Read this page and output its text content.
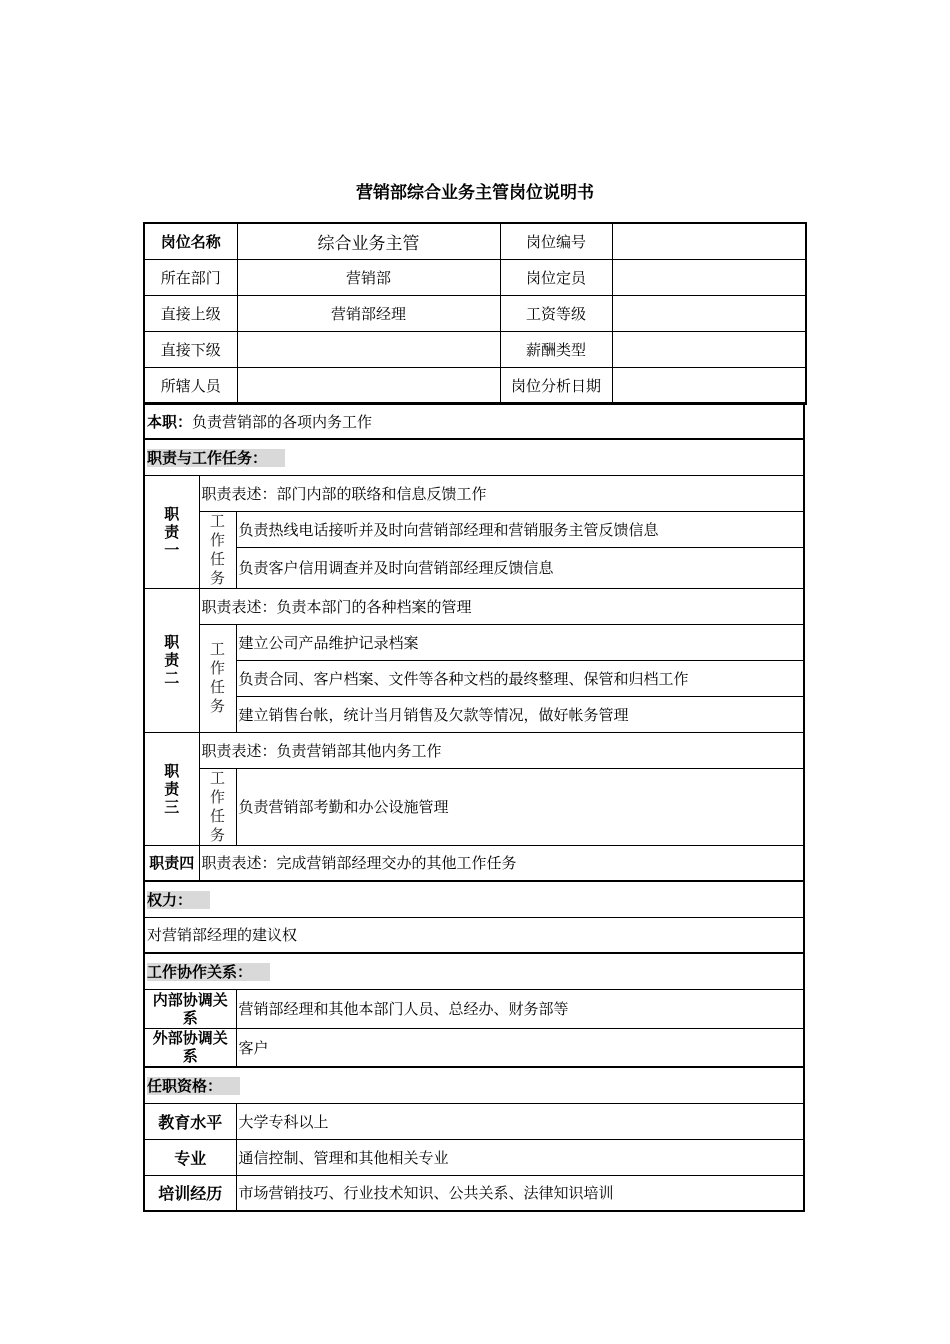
营销部综合业务主管岗位说明书
岗位名称	综合业务主管	岗位编号	
所在部门	营销部	岗位定员	
直接上级	营销部经理	工资等级	
直接下级		薪酬类型	
所辖人员		岗位分析日期	
本职：负责营销部的各项内务工作		
职责与工作任务：		
职责一	职责表述：部门内部的联络和信息反馈工作	
	工作任务	负责热线电话接听并及时向营销部经理和营销服务主管反馈信息
		负责客户信用调查并及时向营销部经理反馈信息
职责二	职责表述：负责本部门的各种档案的管理	
	工作任务	建立公司产品维护记录档案
		负责合同、客户档案、文件等各种文档的最终整理、保管和归档工作
		建立销售台帐，统计当月销售及欠款等情况，做好帐务管理
职责三	职责表述：负责营销部其他内务工作	
	工作任务	负责营销部考勤和办公设施管理
职责四	职责表述：完成营销部经理交办的其他工作任务	
权力：		
对营销部经理的建议权		
工作协作关系：		
内部协调关系		营销部经理和其他本部门人员、总经办、财务部等
外部协调关系		客户
任职资格：		
教育水平		大学专科以上
专业		通信控制、管理和其他相关专业
培训经历		市场营销技巧、行业技术知识、公共关系、法律知识培训
